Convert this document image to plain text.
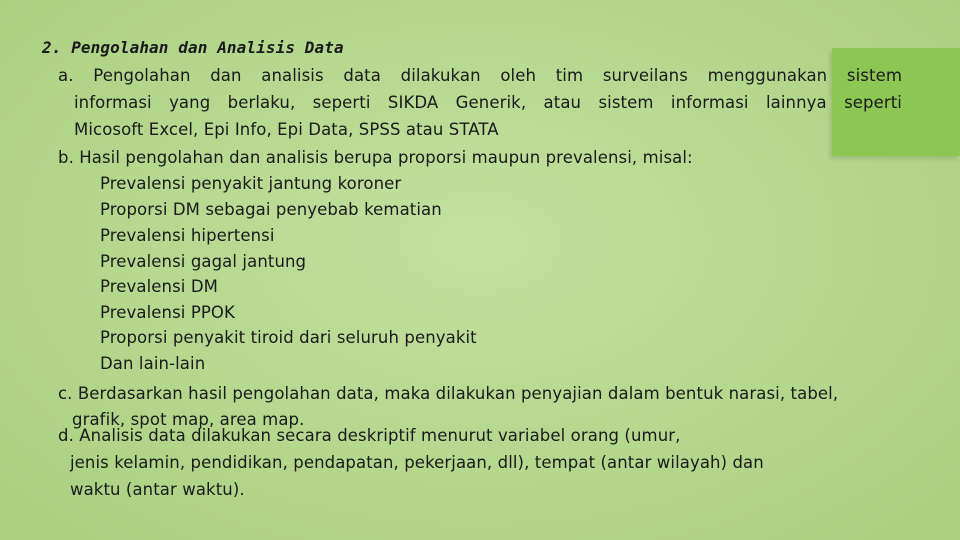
2. Pengolahan dan Analisis Data
a. Pengolahan dan analisis data dilakukan oleh tim surveilans menggunakan sistem
informasi yang berlaku, seperti SIKDA Generik, atau sistem informasi lainnya seperti
Micosoft Excel, Epi Info, Epi Data, SPSS atau STATA
b. Hasil pengolahan dan analisis berupa proporsi maupun prevalensi, misal:
Prevalensi penyakit jantung koroner
Proporsi DM sebagai penyebab kematian
Prevalensi hipertensi
Prevalensi gagal jantung
Prevalensi DM
Prevalensi PPOK
Proporsi penyakit tiroid dari seluruh penyakit
Dan lain-lain
c. Berdasarkan hasil pengolahan data, maka dilakukan penyajian dalam bentuk narasi, tabel,
grafik, spot map, area map.
d. Analisis data dilakukan secara deskriptif menurut variabel orang (umur,
jenis kelamin, pendidikan, pendapatan, pekerjaan, dll), tempat (antar wilayah) dan
waktu (antar waktu).
